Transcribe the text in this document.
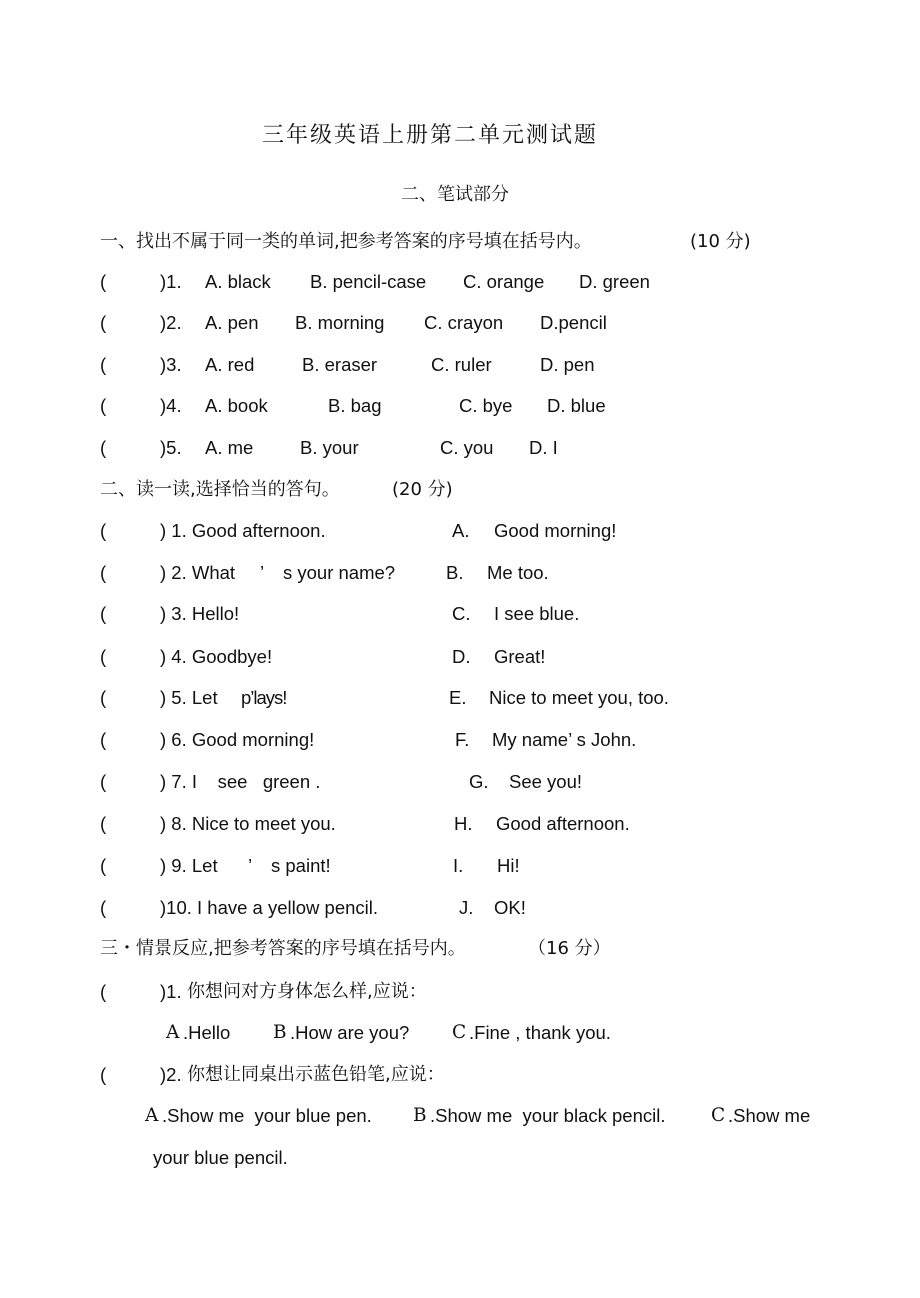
三年级英语上册第二单元测试题
二、笔试部分
一、找出不属于同一类的单词,把参考答案的序号填在括号内。	(10 分)
(	)1. A. black B. pencil-case C. orange D. green
(	)2. A. pen B. morning C. crayon D.pencil
(	)3. A. red	B. eraser	C. ruler	D. pen
(	)4. A. book	B. bag	C. bye D. blue
(	)5. A. me	B. your	C. you D. I
二、读一读,选择恰当的答句。	(20 分)
(	) 1. Good afternoon.	A. Good morning!
(	) 2. What ’ s your name?	B. Me too.
(	) 3. Hello!	C. I see blue.
(	) 4. Goodbye!	D. Great!
(	) 5. Let p’lays!	E. Nice to meet you, too.
(	) 6. Good morning!	F. My name’ s John.
(	) 7. I    see   green .	G. See you!
(	) 8. Nice to meet you.	H. Good afternoon.
(	) 9. Let ’ s paint!	I. Hi!
(	)10. I have a yellow pencil.	J. OK!
三・情景反应,把参考答案的序号填在括号内。	（16 分）
(	)1. 你想问对方身体怎么样,应说：
A .Hello B .How are you? C .Fine , thank you.
(	)2. 你想让同桌出示蓝色铅笔,应说：
A .Show me  your blue pen. B .Show me  your black pencil. C .Show me
your blue pencil.
